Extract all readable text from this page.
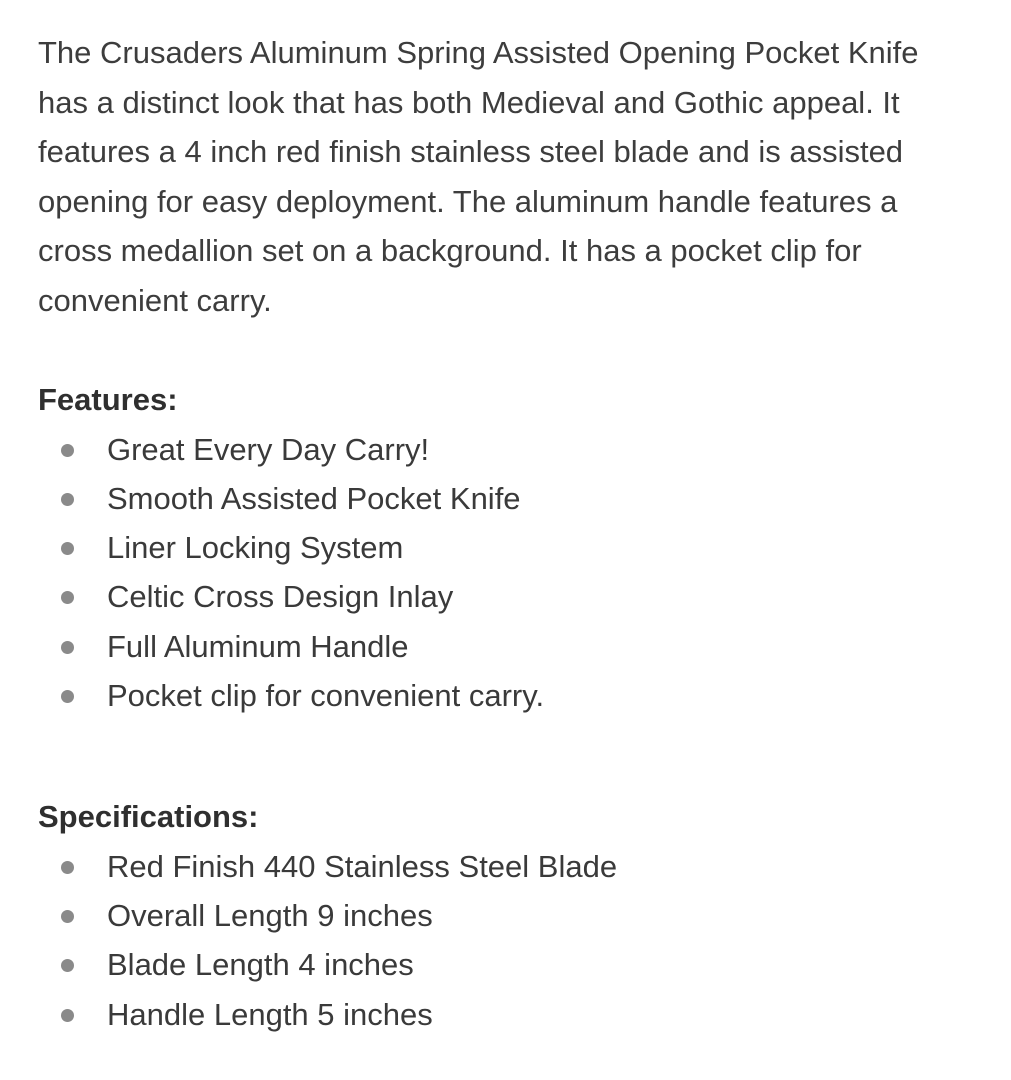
The Crusaders Aluminum Spring Assisted Opening Pocket Knife has a distinct look that has both Medieval and Gothic appeal. It features a 4 inch red finish stainless steel blade and is assisted opening for easy deployment. The aluminum handle features a cross medallion set on a background. It has a pocket clip for convenient carry.

Features:
Great Every Day Carry!
Smooth Assisted Pocket Knife
Liner Locking System
Celtic Cross Design Inlay
Full Aluminum Handle
Pocket clip for convenient carry.
Specifications:
Red Finish 440 Stainless Steel Blade
Overall Length 9 inches
Blade Length 4 inches
Handle Length 5 inches
